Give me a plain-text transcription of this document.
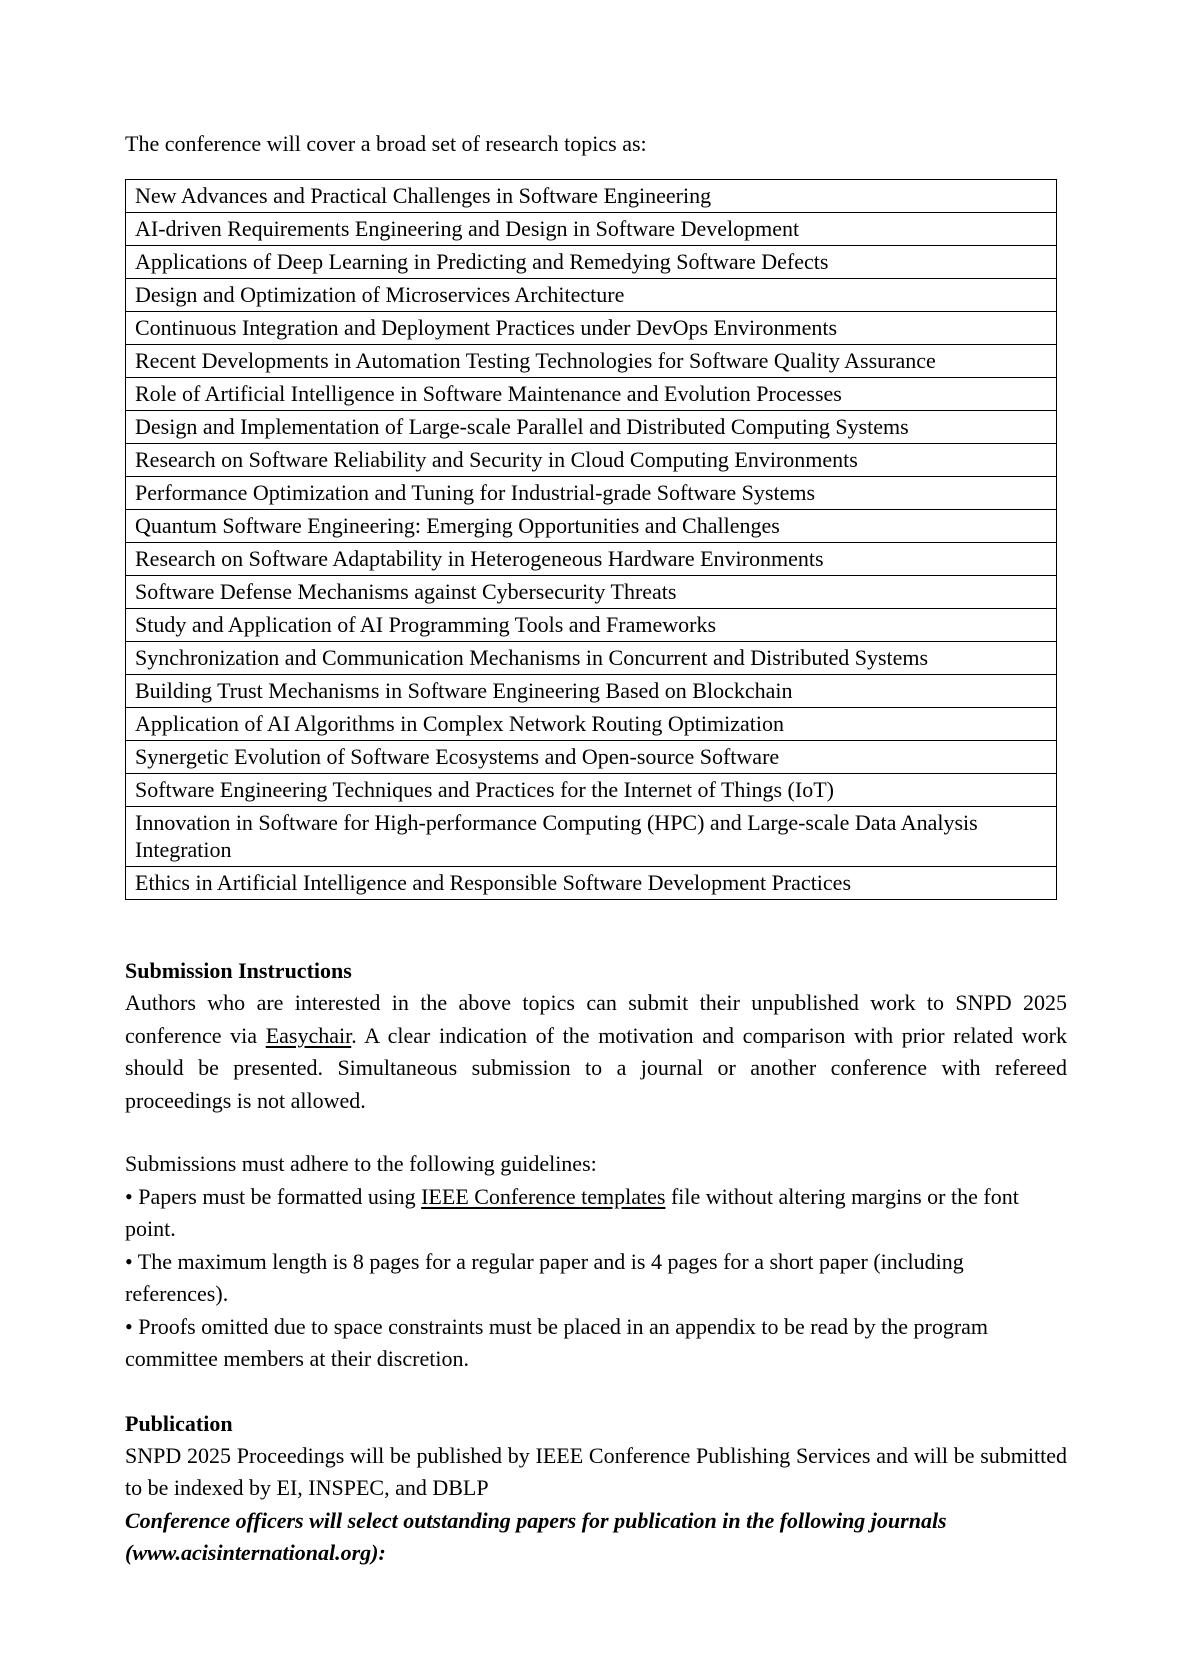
The conference will cover a broad set of research topics as:

New Advances and Practical Challenges in Software Engineering
AI-driven Requirements Engineering and Design in Software Development
Applications of Deep Learning in Predicting and Remedying Software Defects
Design and Optimization of Microservices Architecture
Continuous Integration and Deployment Practices under DevOps Environments
Recent Developments in Automation Testing Technologies for Software Quality Assurance
Role of Artificial Intelligence in Software Maintenance and Evolution Processes
Design and Implementation of Large-scale Parallel and Distributed Computing Systems
Research on Software Reliability and Security in Cloud Computing Environments
Performance Optimization and Tuning for Industrial-grade Software Systems
Quantum Software Engineering: Emerging Opportunities and Challenges
Research on Software Adaptability in Heterogeneous Hardware Environments
Software Defense Mechanisms against Cybersecurity Threats
Study and Application of AI Programming Tools and Frameworks
Synchronization and Communication Mechanisms in Concurrent and Distributed Systems
Building Trust Mechanisms in Software Engineering Based on Blockchain
Application of AI Algorithms in Complex Network Routing Optimization
Synergetic Evolution of Software Ecosystems and Open-source Software
Software Engineering Techniques and Practices for the Internet of Things (IoT)
Innovation in Software for High-performance Computing (HPC) and Large-scale Data Analysis Integration
Ethics in Artificial Intelligence and Responsible Software Development Practices
Submission Instructions

Authors who are interested in the above topics can submit their unpublished work to SNPD 2025 conference via Easychair. A clear indication of the motivation and comparison with prior related work should be presented. Simultaneous submission to a journal or another conference with refereed proceedings is not allowed.

Submissions must adhere to the following guidelines:

• Papers must be formatted using IEEE Conference templates file without altering margins or the font point.

• The maximum length is 8 pages for a regular paper and is 4 pages for a short paper (including references).

• Proofs omitted due to space constraints must be placed in an appendix to be read by the program committee members at their discretion.

Publication

SNPD 2025 Proceedings will be published by IEEE Conference Publishing Services and will be submitted to be indexed by EI, INSPEC, and DBLP

Conference officers will select outstanding papers for publication in the following journals (www.acisinternational.org):
